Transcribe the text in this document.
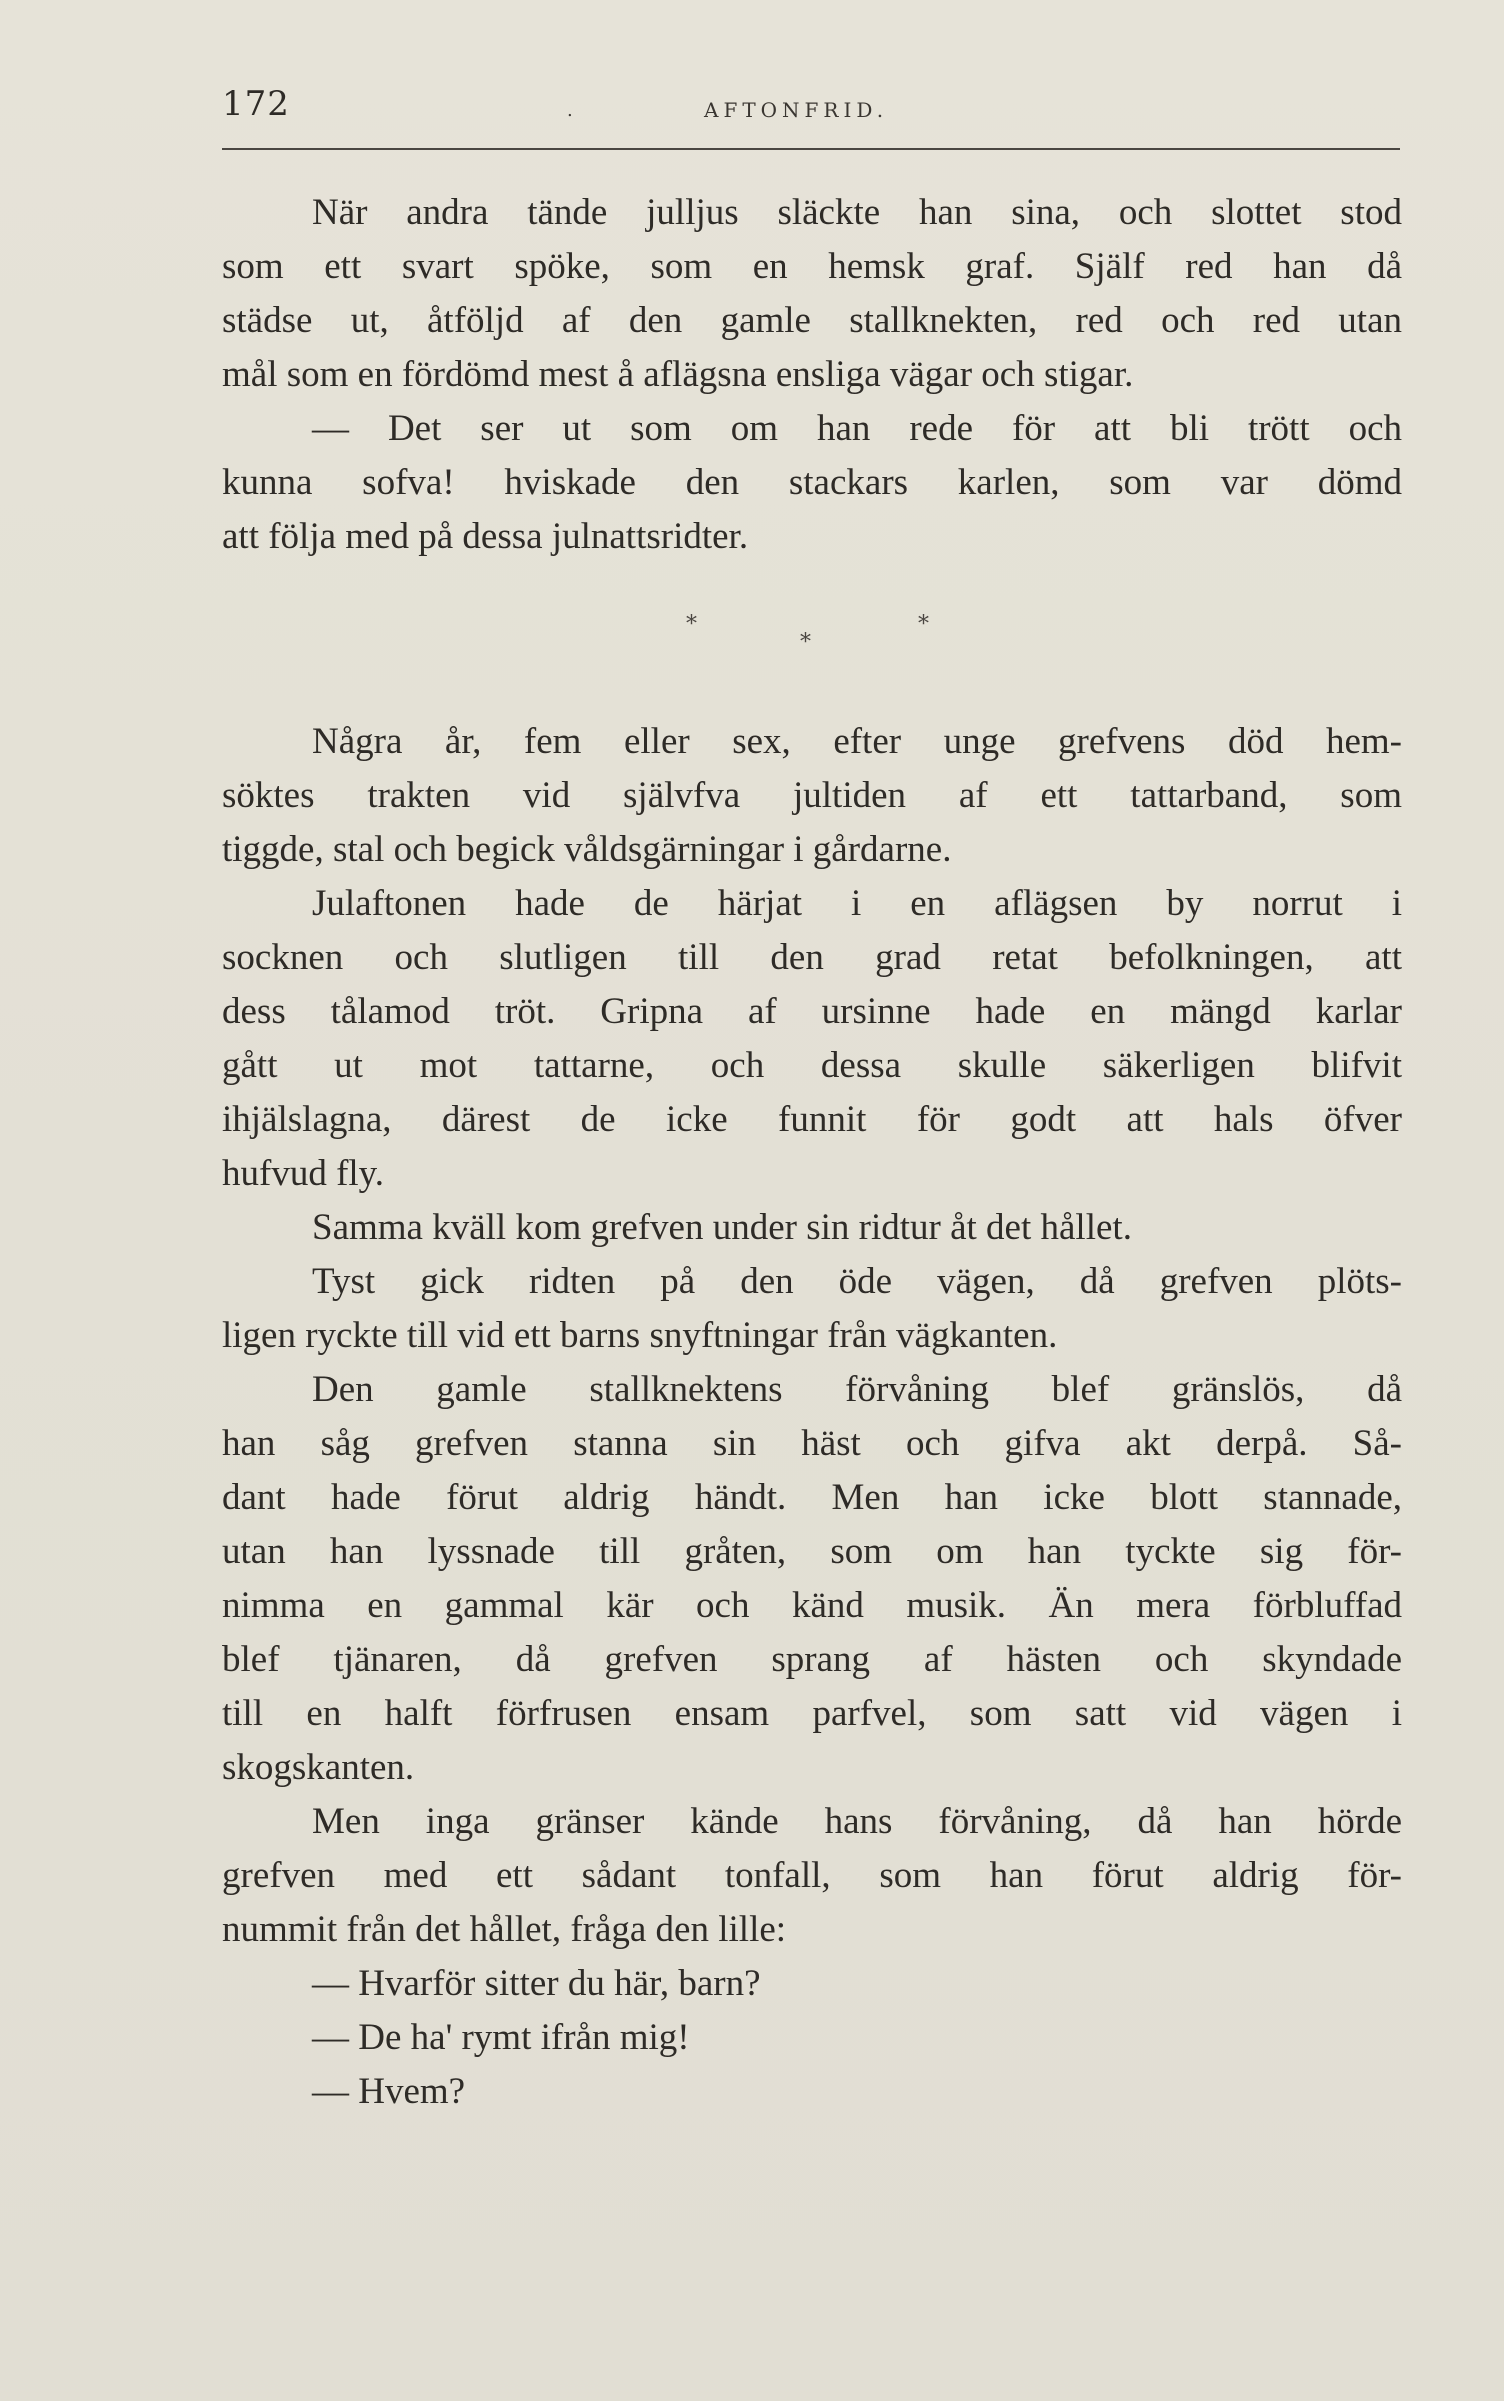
172	.	AFTONFRID.

När andra tände julljus släckte han sina, och slottet stod

som ett svart spöke, som en hemsk graf. Själf red han då

städse ut, åtföljd af den gamle stallknekten, red och red utan

mål som en fördömd mest å aflägsna ensliga vägar och stigar.

— Det ser ut som om han rede för att bli trött och

kunna sofva! hviskade den stackars karlen, som var dömd

att följa med på dessa julnattsridter.

*
*
*

Några år, fem eller sex, efter unge grefvens död hem-

söktes trakten vid självfva jultiden af ett tattarband, som

tiggde, stal och begick våldsgärningar i gårdarne.

Julaftonen hade de härjat i en aflägsen by norrut i

socknen och slutligen till den grad retat befolkningen, att

dess tålamod tröt. Gripna af ursinne hade en mängd karlar

gått ut mot tattarne, och dessa skulle säkerligen blifvit

ihjälslagna, därest de icke funnit för godt att hals öfver

hufvud fly.

Samma kväll kom grefven under sin ridtur åt det hållet.

Tyst gick ridten på den öde vägen, då grefven plöts-

ligen ryckte till vid ett barns snyftningar från vägkanten.

Den gamle stallknektens förvåning blef gränslös, då

han såg grefven stanna sin häst och gifva akt derpå. Så-

dant hade förut aldrig händt. Men han icke blott stannade,

utan han lyssnade till gråten, som om han tyckte sig för-

nimma en gammal kär och känd musik. Än mera förbluffad

blef tjänaren, då grefven sprang af hästen och skyndade

till en halft förfrusen ensam parfvel, som satt vid vägen i

skogskanten.

Men inga gränser kände hans förvåning, då han hörde

grefven med ett sådant tonfall, som han förut aldrig för-

nummit från det hållet, fråga den lille:

— Hvarför sitter du här, barn?

— De ha' rymt ifrån mig!

— Hvem?
